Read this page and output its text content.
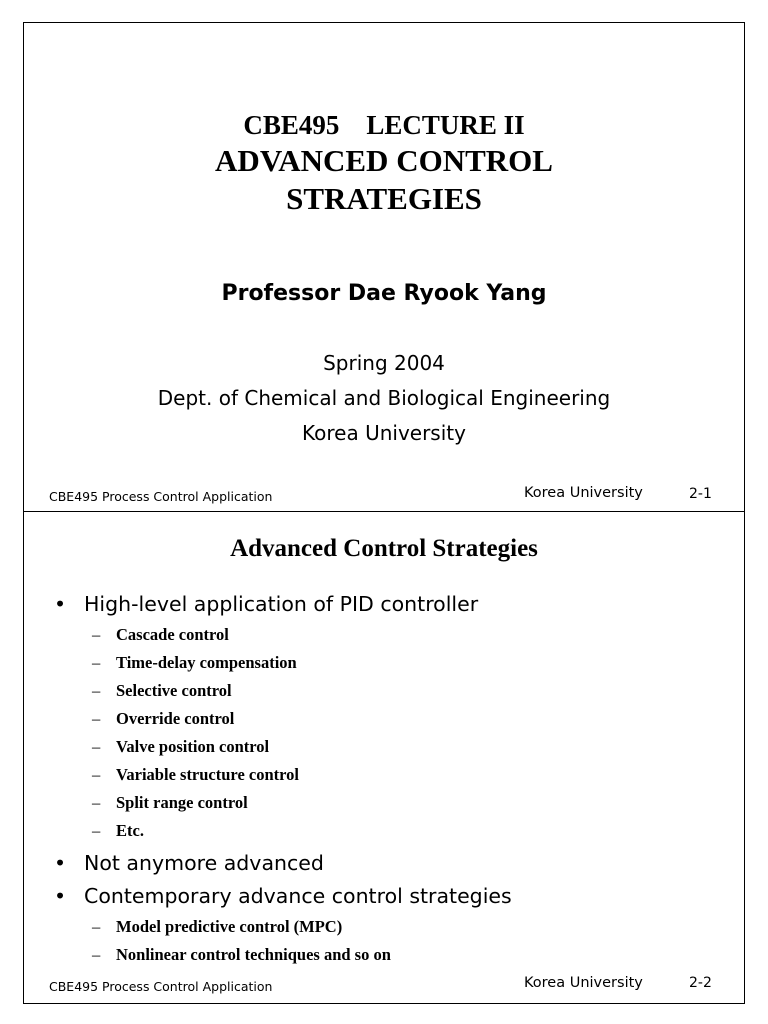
CBE495    LECTURE II
ADVANCED CONTROL
STRATEGIES
Professor Dae Ryook Yang
Spring 2004
Dept. of Chemical and Biological Engineering
Korea University
CBE495 Process Control Application	Korea University	2-1
Advanced Control Strategies
• High-level application of PID controller
– Cascade control
– Time-delay compensation
– Selective control
– Override control
– Valve position control
– Variable structure control
– Split range control
– Etc.
• Not anymore advanced
• Contemporary advance control strategies
– Model predictive control (MPC)
– Nonlinear control techniques and so on
CBE495 Process Control Application	Korea University	2-2
